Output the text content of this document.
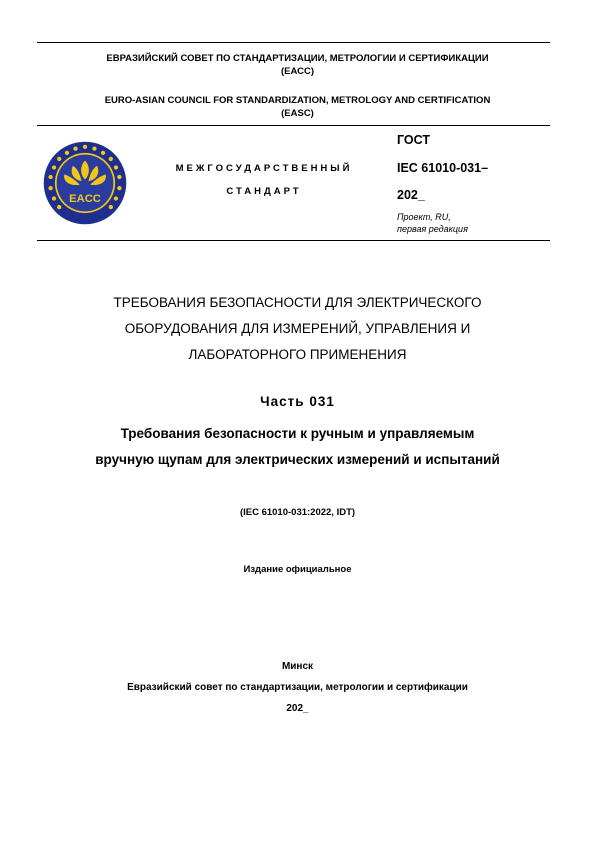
ЕВРАЗИЙСКИЙ СОВЕТ ПО СТАНДАРТИЗАЦИИ, МЕТРОЛОГИИ И СЕРТИФИКАЦИИ
(ЕАСС)
EURO-ASIAN COUNCIL FOR STANDARDIZATION, METROLOGY AND CERTIFICATION
(EASC)
EACC
МЕЖГОСУДАРСТВЕННЫЙ
СТАНДАРТ
ГОСТ
IEC 61010-031–
202_
Проект, RU,
первая редакция
ТРЕБОВАНИЯ БЕЗОПАСНОСТИ ДЛЯ ЭЛЕКТРИЧЕСКОГО
ОБОРУДОВАНИЯ ДЛЯ ИЗМЕРЕНИЙ, УПРАВЛЕНИЯ И
ЛАБОРАТОРНОГО ПРИМЕНЕНИЯ
Часть 031
Требования безопасности к ручным и управляемым
вручную щупам для электрических измерений и испытаний
(IEC 61010-031:2022, IDT)
Издание официальное
Минск
Евразийский совет по стандартизации, метрологии и сертификации
202_
